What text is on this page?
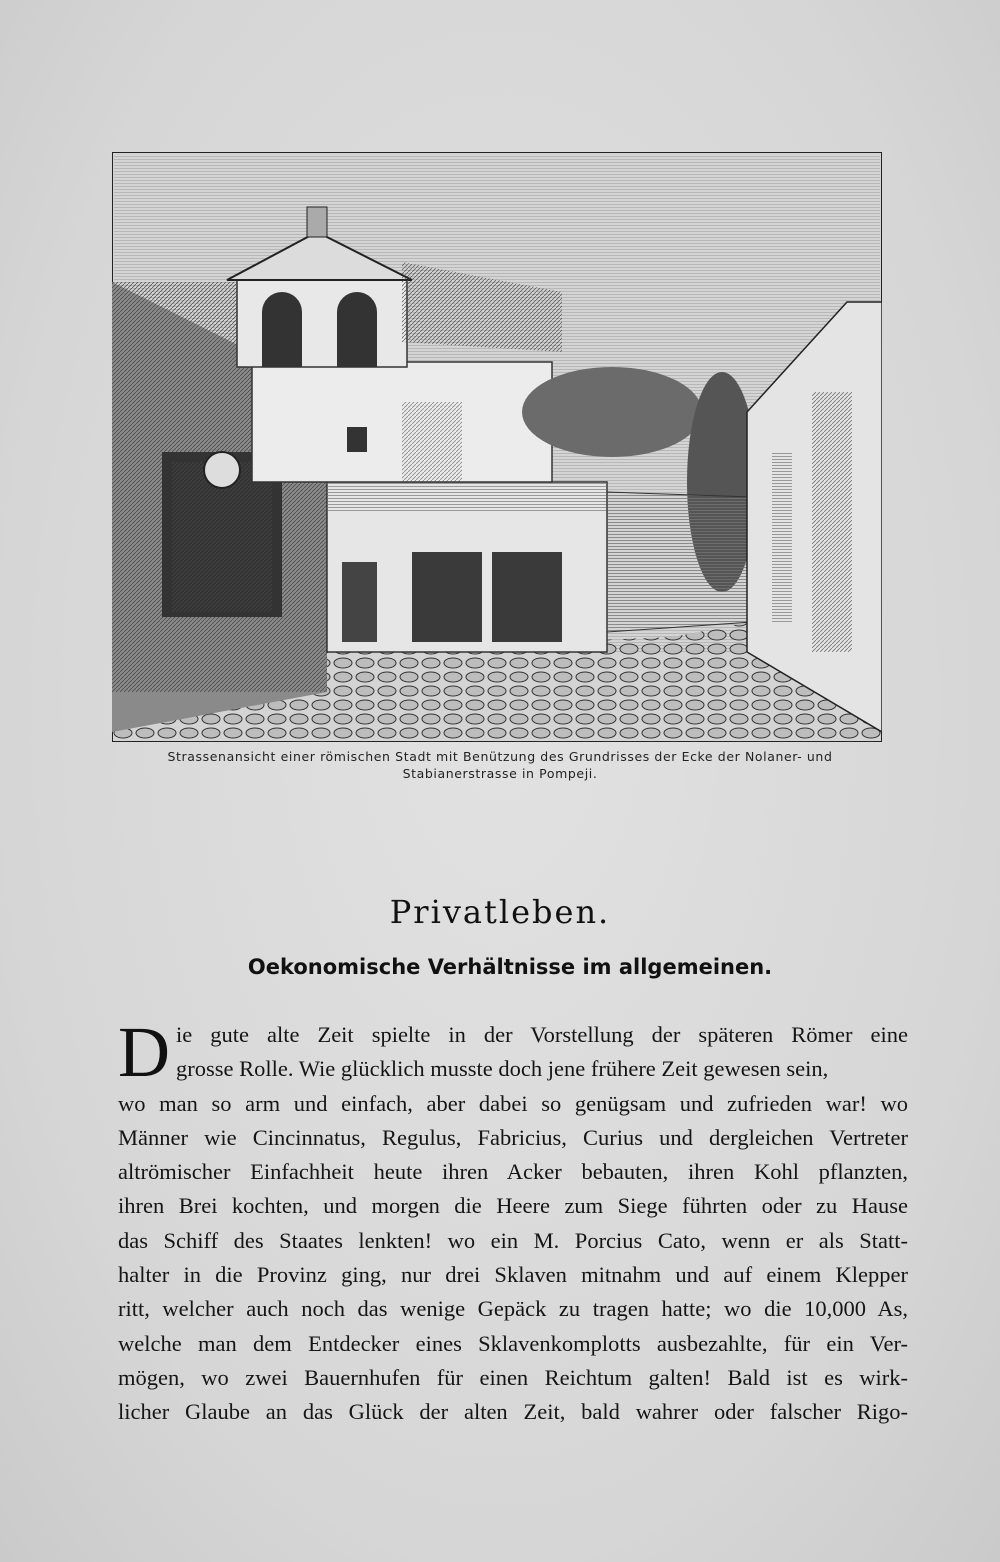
Strassenansicht einer römischen Stadt mit Benützung des Grundrisses der Ecke der Nolaner- und
Stabianerstrasse in Pompeji.
Privatleben.
Oekonomische Verhältnisse im allgemeinen.
D ie gute alte Zeit spielte in der Vorstellung der späteren Römer eine
grosse Rolle. Wie glücklich musste doch jene frühere Zeit gewesen sein,
wo man so arm und einfach, aber dabei so genügsam und zufrieden war! wo
Männer wie Cincinnatus, Regulus, Fabricius, Curius und dergleichen Vertreter
altrömischer Einfachheit heute ihren Acker bebauten, ihren Kohl pflanzten,
ihren Brei kochten, und morgen die Heere zum Siege führten oder zu Hause
das Schiff des Staates lenkten! wo ein M. Porcius Cato, wenn er als Statt-
halter in die Provinz ging, nur drei Sklaven mitnahm und auf einem Klepper
ritt, welcher auch noch das wenige Gepäck zu tragen hatte; wo die 10,000 As,
welche man dem Entdecker eines Sklavenkomplotts ausbezahlte, für ein Ver-
mögen, wo zwei Bauernhufen für einen Reichtum galten! Bald ist es wirk-
licher Glaube an das Glück der alten Zeit, bald wahrer oder falscher Rigo-
